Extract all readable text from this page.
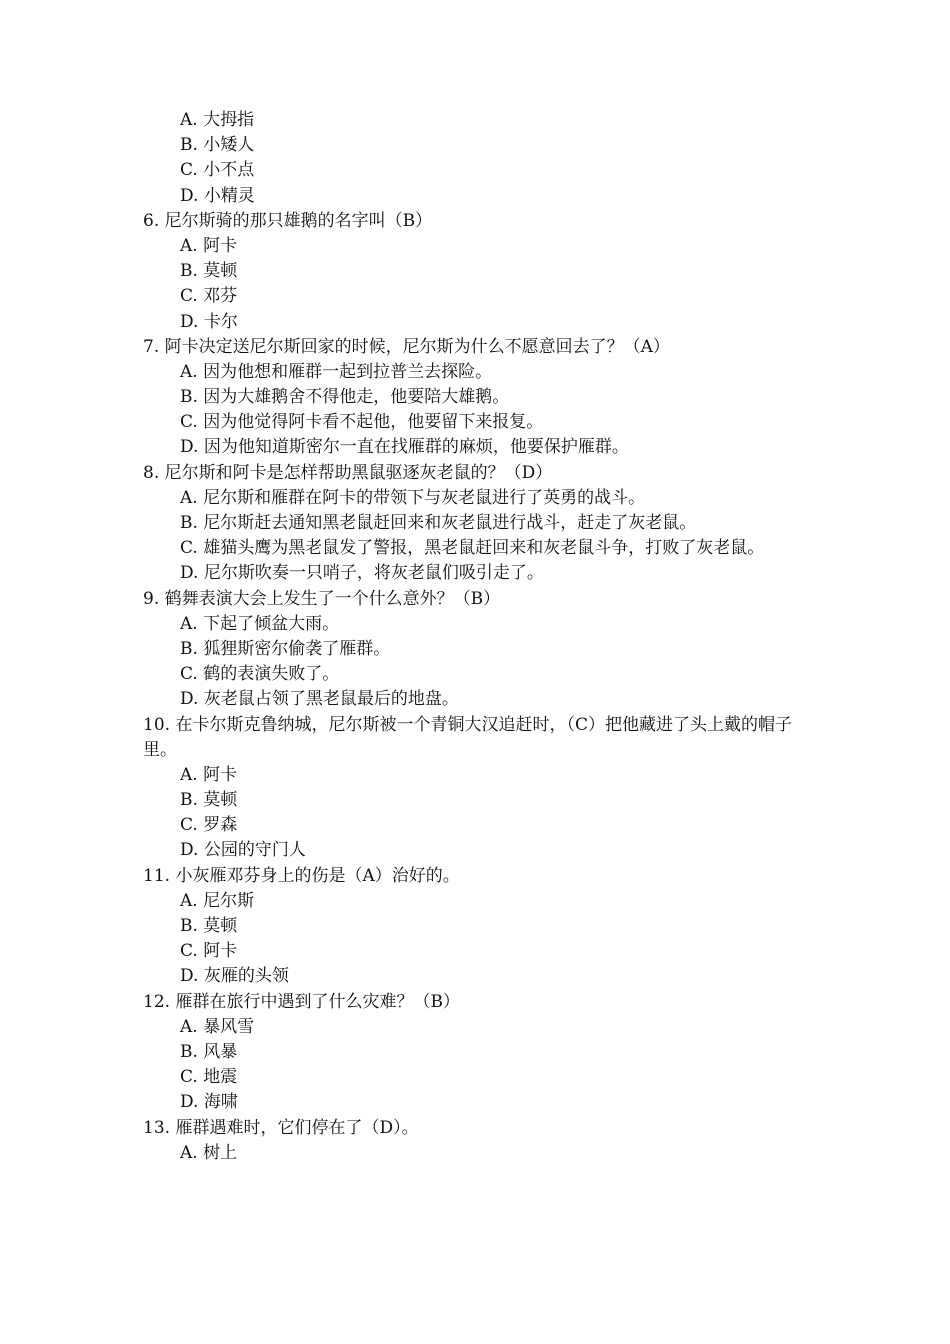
A. 大拇指
B. 小矮人
C. 小不点
D. 小精灵
6. 尼尔斯骑的那只雄鹅的名字叫（B）
A. 阿卡
B. 莫顿
C. 邓芬
D. 卡尔
7. 阿卡决定送尼尔斯回家的时候，尼尔斯为什么不愿意回去了？（A）
A. 因为他想和雁群一起到拉普兰去探险。
B. 因为大雄鹅舍不得他走，他要陪大雄鹅。
C. 因为他觉得阿卡看不起他，他要留下来报复。
D. 因为他知道斯密尔一直在找雁群的麻烦，他要保护雁群。
8. 尼尔斯和阿卡是怎样帮助黑鼠驱逐灰老鼠的？（D）
A. 尼尔斯和雁群在阿卡的带领下与灰老鼠进行了英勇的战斗。
B. 尼尔斯赶去通知黑老鼠赶回来和灰老鼠进行战斗，赶走了灰老鼠。
C. 雄猫头鹰为黑老鼠发了警报，黑老鼠赶回来和灰老鼠斗争，打败了灰老鼠。
D. 尼尔斯吹奏一只哨子，将灰老鼠们吸引走了。
9. 鹤舞表演大会上发生了一个什么意外？（B）
A. 下起了倾盆大雨。
B. 狐狸斯密尔偷袭了雁群。
C. 鹤的表演失败了。
D. 灰老鼠占领了黑老鼠最后的地盘。
10. 在卡尔斯克鲁纳城，尼尔斯被一个青铜大汉追赶时，（C）把他藏进了头上戴的帽子里。
A. 阿卡
B. 莫顿
C. 罗森
D. 公园的守门人
11. 小灰雁邓芬身上的伤是（A）治好的。
A. 尼尔斯
B. 莫顿
C. 阿卡
D. 灰雁的头领
12. 雁群在旅行中遇到了什么灾难？（B）
A. 暴风雪
B. 风暴
C. 地震
D. 海啸
13. 雁群遇难时，它们停在了（D）。
A. 树上
